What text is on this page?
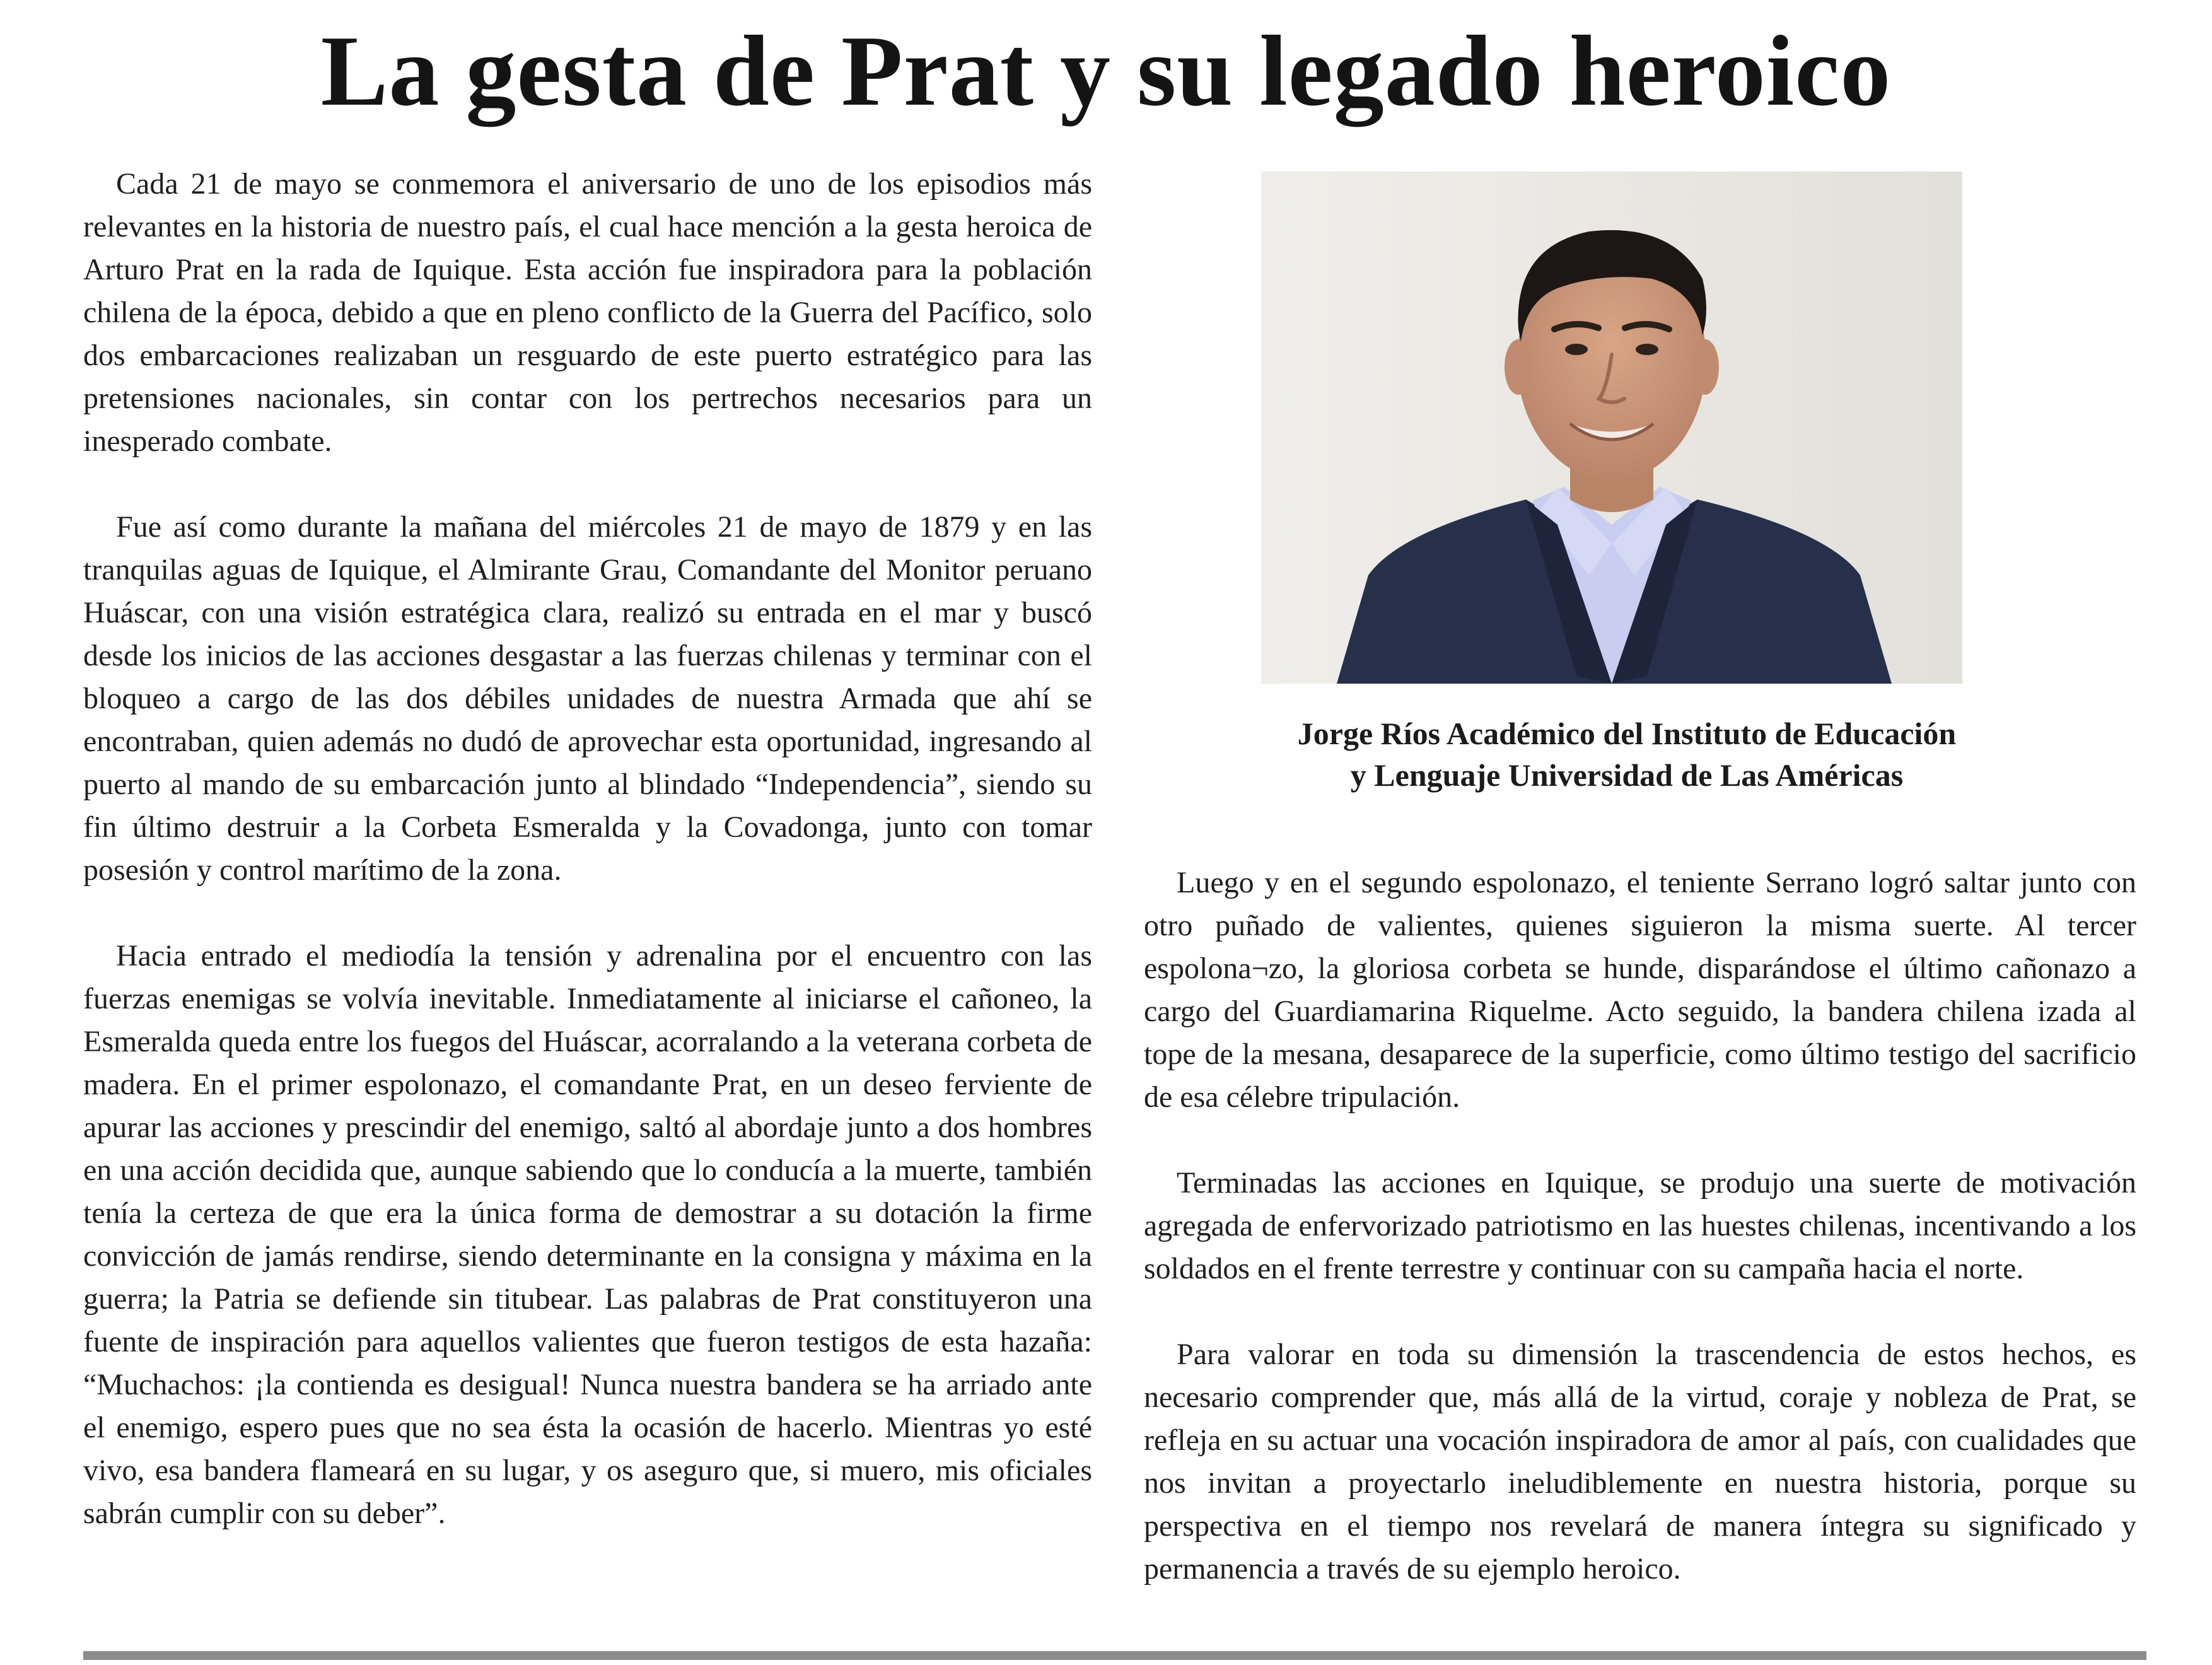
La gesta de Prat y su legado heroico

Cada 21 de mayo se conmemora el aniversario de uno de los episodios más relevantes en la historia de nuestro país, el cual hace mención a la gesta heroica de Arturo Prat en la rada de Iquique. Esta acción fue inspiradora para la población chilena de la época, debido a que en pleno conflicto de la Guerra del Pacífico, solo dos embarcaciones realizaban un resguardo de este puerto estratégico para las pretensiones nacionales, sin contar con los pertrechos necesarios para un inesperado combate.

Fue así como durante la mañana del miércoles 21 de mayo de 1879 y en las tranquilas aguas de Iquique, el Almirante Grau, Comandante del Monitor peruano Huáscar, con una visión estratégica clara, realizó su entrada en el mar y buscó desde los inicios de las acciones desgastar a las fuerzas chilenas y terminar con el bloqueo a cargo de las dos débiles unidades de nuestra Armada que ahí se encontraban, quien además no dudó de aprovechar esta oportunidad, ingresando al puerto al mando de su embarcación junto al blindado “Independencia”, siendo su fin último destruir a la Corbeta Esmeralda y la Covadonga, junto con tomar posesión y control marítimo de la zona.

Hacia entrado el mediodía la tensión y adrenalina por el encuentro con las fuerzas enemigas se volvía inevitable. Inmediatamente al iniciarse el cañoneo, la Esmeralda queda entre los fuegos del Huáscar, acorralando a la veterana corbeta de madera. En el primer espolonazo, el comandante Prat, en un deseo ferviente de apurar las acciones y prescindir del enemigo, saltó al abordaje junto a dos hombres en una acción decidida que, aunque sabiendo que lo conducía a la muerte, también tenía la certeza de que era la única forma de demostrar a su dotación la firme convicción de jamás rendirse, siendo determinante en la consigna y máxima en la guerra; la Patria se defiende sin titubear. Las palabras de Prat constituyeron una fuente de inspiración para aquellos valientes que fueron testigos de esta hazaña: “Muchachos: ¡la contienda es desigual! Nunca nuestra bandera se ha arriado ante el enemigo, espero pues que no sea ésta la ocasión de hacerlo. Mientras yo esté vivo, esa bandera flameará en su lugar, y os aseguro que, si muero, mis oficiales sabrán cumplir con su deber”.

Jorge Ríos Académico del Instituto de Educación
y Lenguaje Universidad de Las Américas

Luego y en el segundo espolonazo, el teniente Serrano logró saltar junto con otro puñado de valientes, quienes siguieron la misma suerte. Al tercer espolona¬zo, la gloriosa corbeta se hunde, disparándose el último cañonazo a cargo del Guardiamarina Riquelme. Acto seguido, la bandera chilena izada al tope de la mesana, desaparece de la superficie, como último testigo del sacrificio de esa célebre tripulación.

Terminadas las acciones en Iquique, se produjo una suerte de motivación agregada de enfervorizado patriotismo en las huestes chilenas, incentivando a los soldados en el frente terrestre y continuar con su campaña hacia el norte.

Para valorar en toda su dimensión la trascendencia de estos hechos, es necesario comprender que, más allá de la virtud, coraje y nobleza de Prat, se refleja en su actuar una vocación inspiradora de amor al país, con cualidades que nos invitan a proyectarlo ineludiblemente en nuestra historia, porque su perspectiva en el tiempo nos revelará de manera íntegra su significado y permanencia a través de su ejemplo heroico.
